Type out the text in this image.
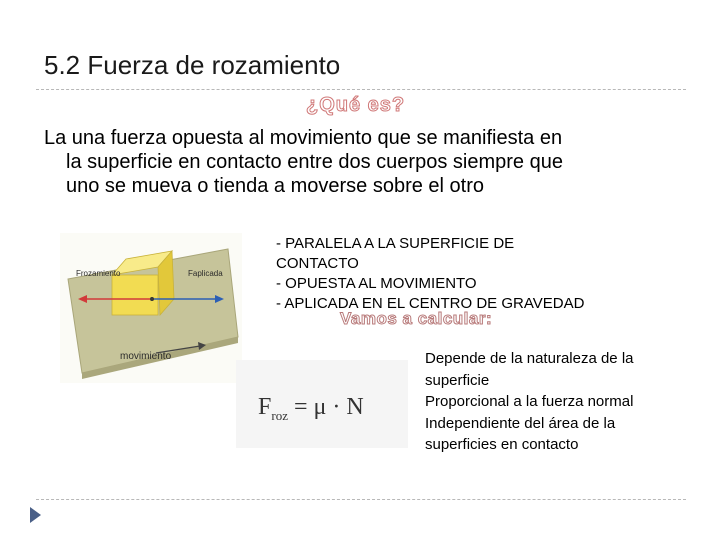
5.2 Fuerza de rozamiento
¿Qué es?
La una fuerza opuesta al movimiento que se manifiesta en
la superficie en contacto entre dos cuerpos siempre que
uno se mueva o tienda a moverse sobre el otro
Frozamiento	Faplicada
movimiento
- PARALELA A LA SUPERFICIE DE
CONTACTO
- OPUESTA AL MOVIMIENTO
- APLICADA EN EL CENTRO DE GRAVEDAD
Vamos a calcular:
$F_{roz} = \mu \cdot N$
Depende de la naturaleza de la
superficie
Proporcional a la fuerza normal
Independiente del área de la
superficies en contacto
